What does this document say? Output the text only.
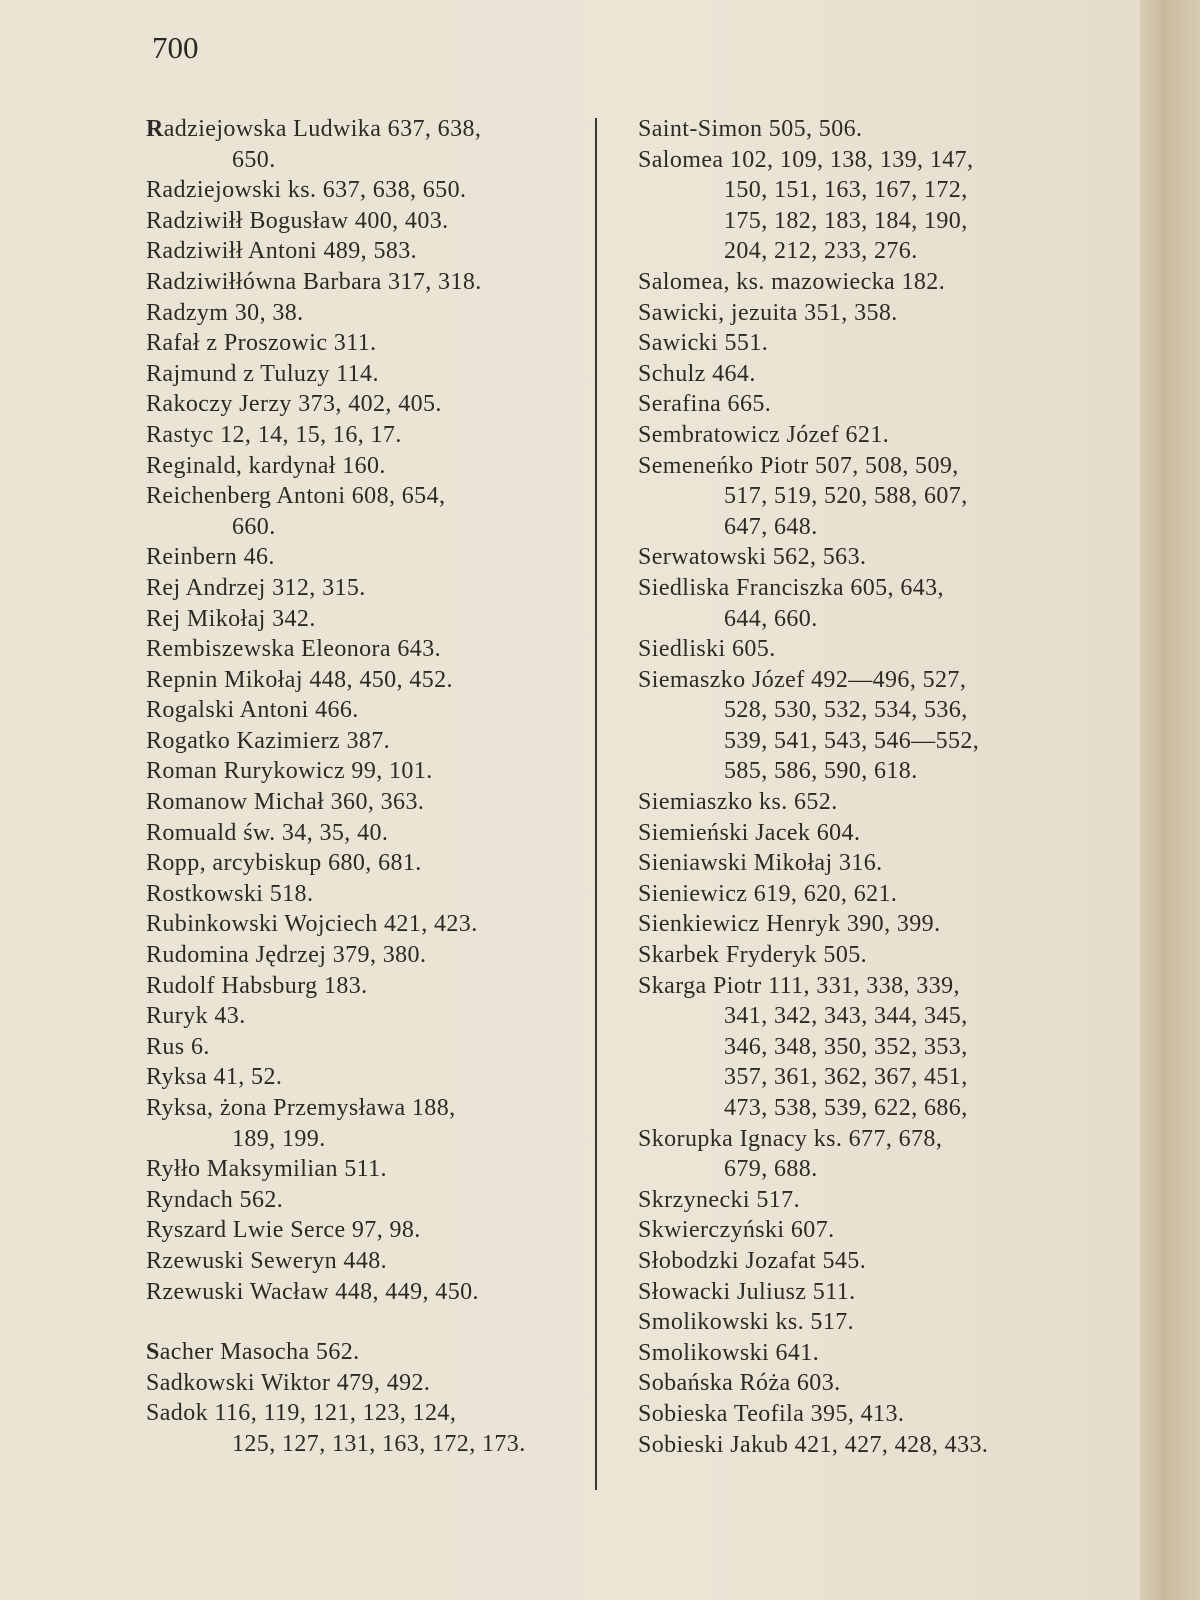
700
Radziejowska Ludwika 637, 638,
650.
Radziejowski ks. 637, 638, 650.
Radziwiłł Bogusław 400, 403.
Radziwiłł Antoni 489, 583.
Radziwiłłówna Barbara 317, 318.
Radzym 30, 38.
Rafał z Proszowic 311.
Rajmund z Tuluzy 114.
Rakoczy Jerzy 373, 402, 405.
Rastyc 12, 14, 15, 16, 17.
Reginald, kardynał 160.
Reichenberg Antoni 608, 654,
660.
Reinbern 46.
Rej Andrzej 312, 315.
Rej Mikołaj 342.
Rembiszewska Eleonora 643.
Repnin Mikołaj 448, 450, 452.
Rogalski Antoni 466.
Rogatko Kazimierz 387.
Roman Rurykowicz 99, 101.
Romanow Michał 360, 363.
Romuald św. 34, 35, 40.
Ropp, arcybiskup 680, 681.
Rostkowski 518.
Rubinkowski Wojciech 421, 423.
Rudomina Jędrzej 379, 380.
Rudolf Habsburg 183.
Ruryk 43.
Rus 6.
Ryksa 41, 52.
Ryksa, żona Przemysława 188,
189, 199.
Ryłło Maksymilian 511.
Ryndach 562.
Ryszard Lwie Serce 97, 98.
Rzewuski Seweryn 448.
Rzewuski Wacław 448, 449, 450.
Sacher Masocha 562.
Sadkowski Wiktor 479, 492.
Sadok 116, 119, 121, 123, 124,
125, 127, 131, 163, 172, 173.
Saint-Simon 505, 506.
Salomea 102, 109, 138, 139, 147,
150, 151, 163, 167, 172,
175, 182, 183, 184, 190,
204, 212, 233, 276.
Salomea, ks. mazowiecka 182.
Sawicki, jezuita 351, 358.
Sawicki 551.
Schulz 464.
Serafina 665.
Sembratowicz Józef 621.
Semeneńko Piotr 507, 508, 509,
517, 519, 520, 588, 607,
647, 648.
Serwatowski 562, 563.
Siedliska Franciszka 605, 643,
644, 660.
Siedliski 605.
Siemaszko Józef 492—496, 527,
528, 530, 532, 534, 536,
539, 541, 543, 546—552,
585, 586, 590, 618.
Siemiaszko ks. 652.
Siemieński Jacek 604.
Sieniawski Mikołaj 316.
Sieniewicz 619, 620, 621.
Sienkiewicz Henryk 390, 399.
Skarbek Fryderyk 505.
Skarga Piotr 111, 331, 338, 339,
341, 342, 343, 344, 345,
346, 348, 350, 352, 353,
357, 361, 362, 367, 451,
473, 538, 539, 622, 686,
Skorupka Ignacy ks. 677, 678,
679, 688.
Skrzynecki 517.
Skwierczyński 607.
Słobodzki Jozafat 545.
Słowacki Juliusz 511.
Smolikowski ks. 517.
Smolikowski 641.
Sobańska Róża 603.
Sobieska Teofila 395, 413.
Sobieski Jakub 421, 427, 428, 433.
